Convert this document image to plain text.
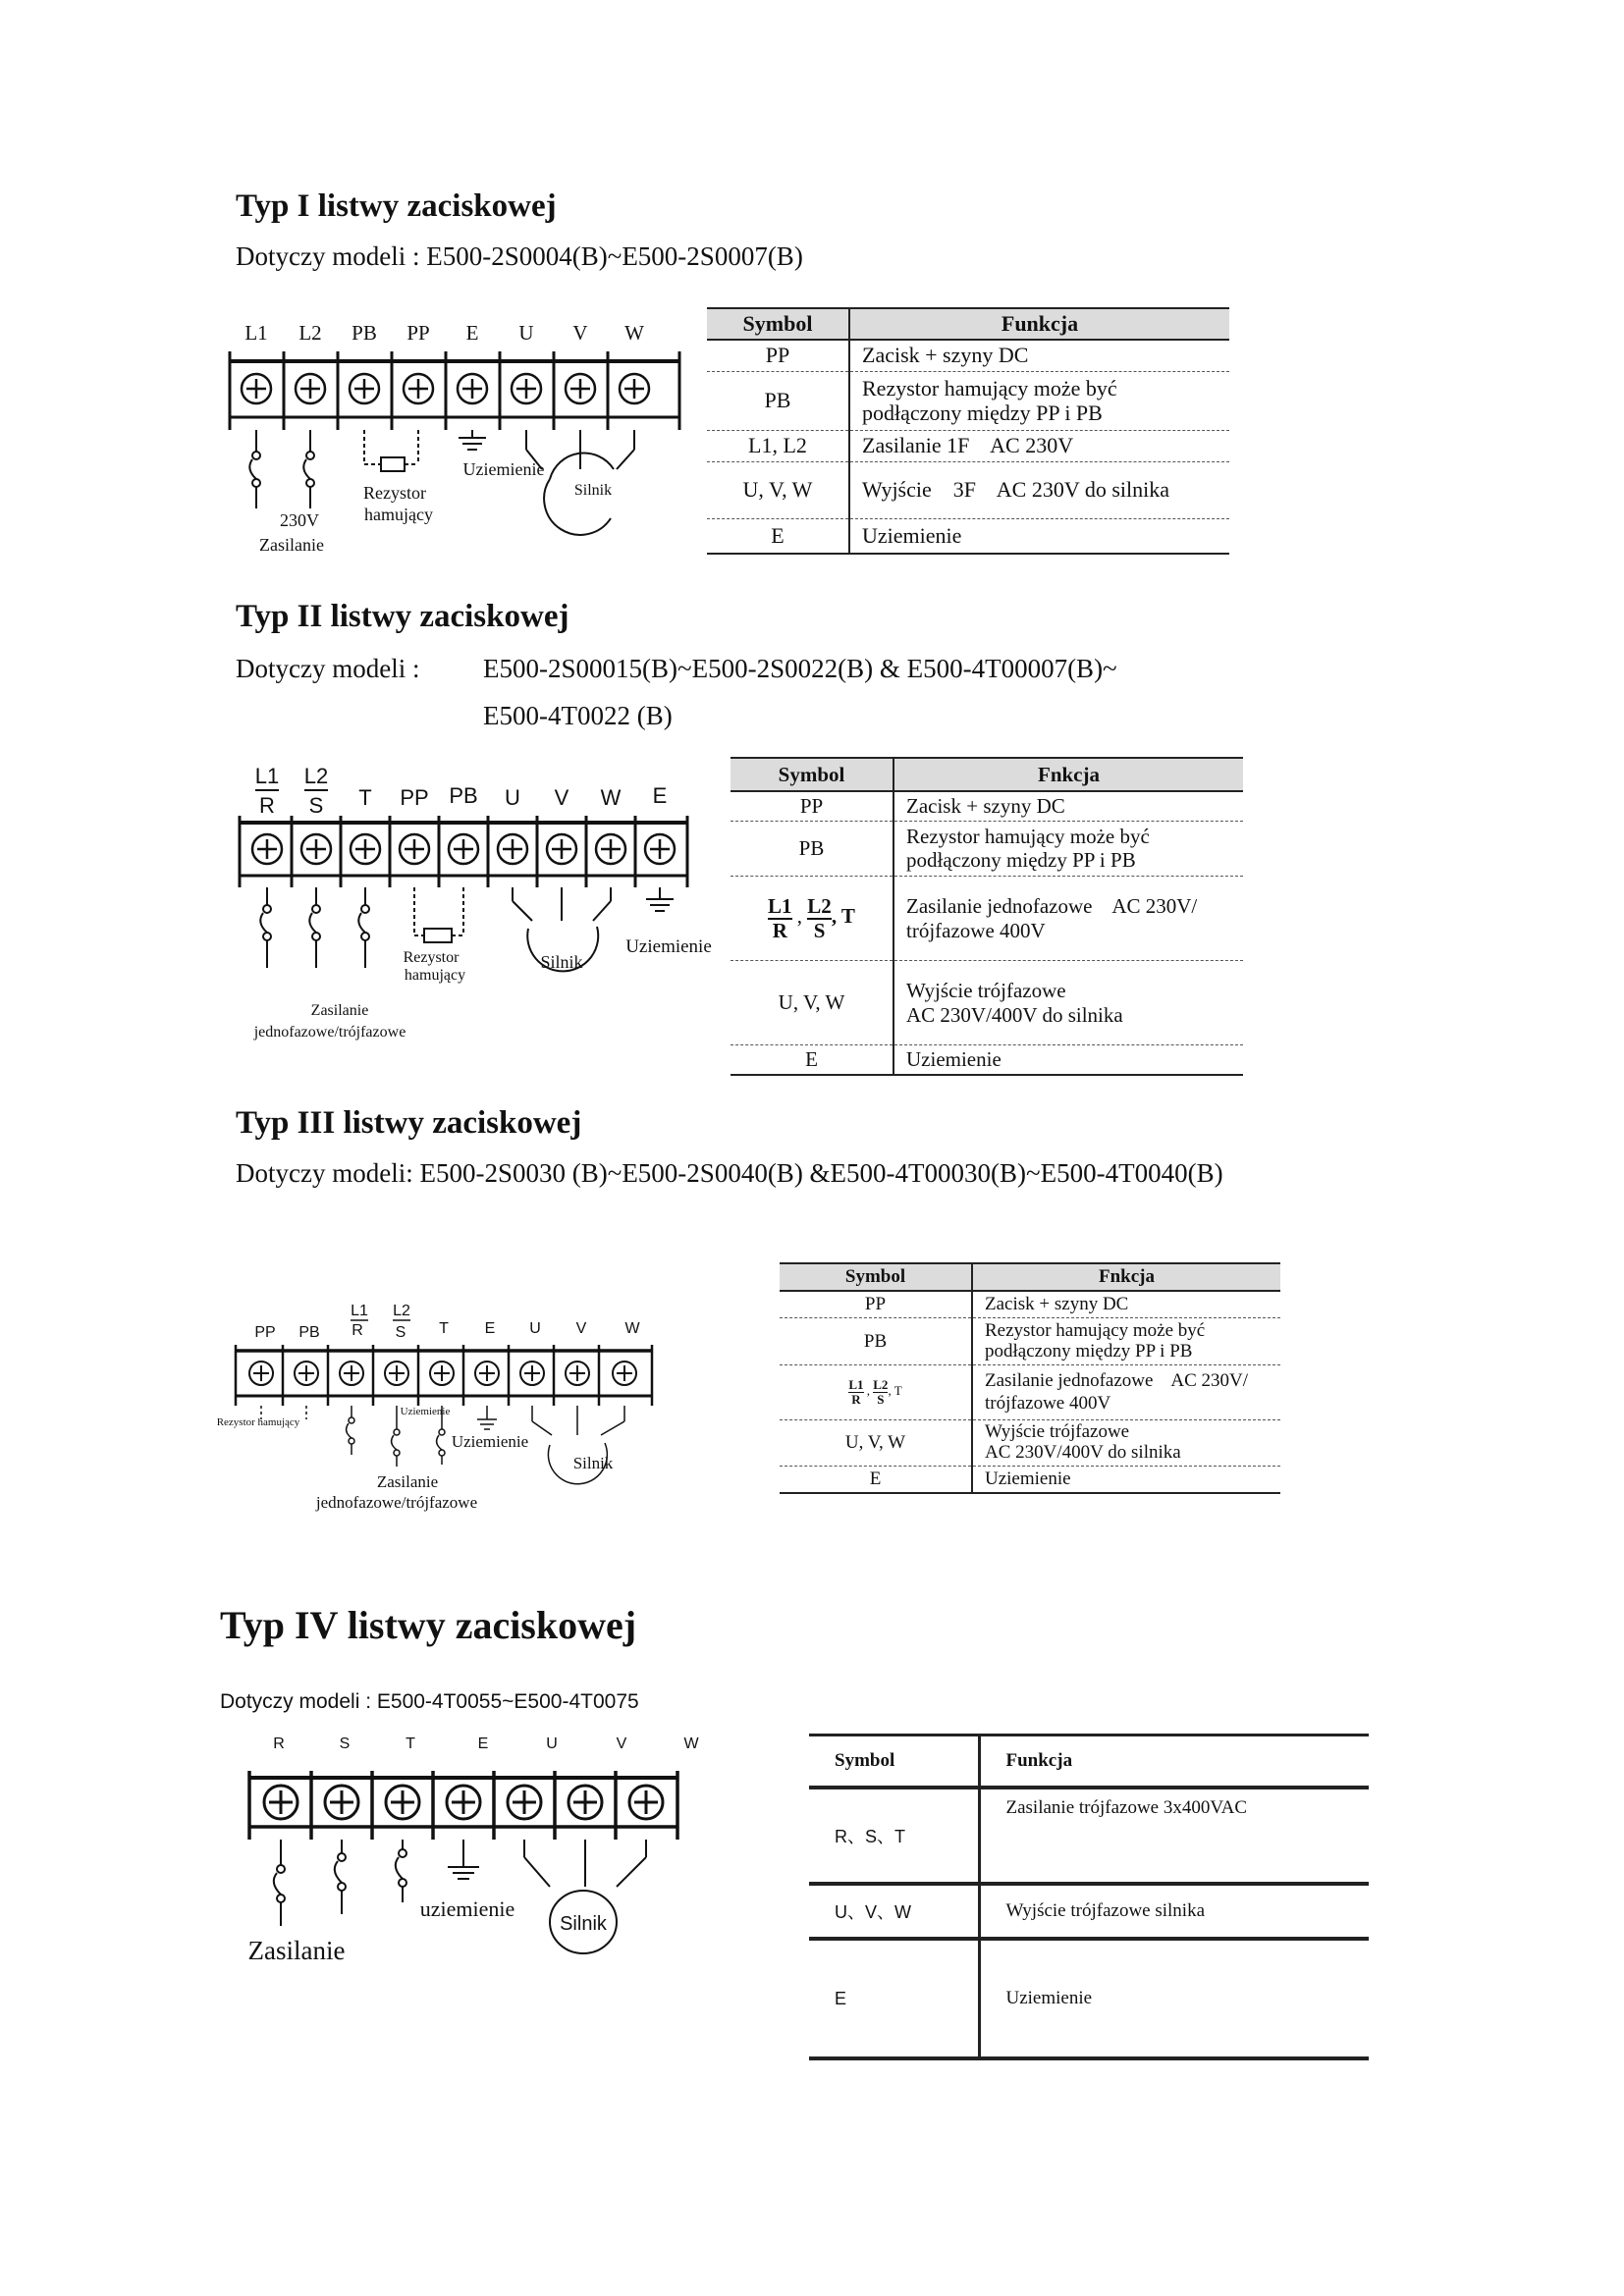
Typ I listwy zaciskowej
Dotyczy modeli : E500-2S0004(B)~E500-2S0007(B)
L1 L2 PB PP E U V W
Rezystor
hamujący
Uziemienie
Silnik
230V
Zasilanie
Symbol	Funkcja
PP	Zacisk + szyny DC
PB	Rezystor hamujący może być podłączony między PP i PB
L1, L2	Zasilanie 1F    AC 230V
U, V, W	Wyjście    3F    AC 230V do silnika
E	Uziemienie
Typ II listwy zaciskowej
Dotyczy modeli : E500-2S00015(B)~E500-2S0022(B) & E500-4T00007(B)~
E500-4T0022 (B)
L1 L2
R S T PP PB U V W E
Rezystor
hamujący
Silnik
Uziemienie
Zasilanie
jednofazowe/trójfazowe
Symbol	Fnkcja
PP	Zacisk + szyny DC
PB	Rezystor hamujący może być podłączony między PP i PB

$\frac{L1}{R}$ , $\frac{L2}{S}$, T	Zasilanie jednofazowe    AC 230V/ trójfazowe 400V
U, V, W	Wyjście trójfazowe
AC 230V/400V do silnika

E	Uziemienie
Typ III listwy zaciskowej
Dotyczy modeli: E500-2S0030 (B)~E500-2S0040(B) &E500-4T00030(B)~E500-4T0040(B)
L1 L2
PP PB R S T E U V W
Rezystor hamujący
Uziemienie
Uziemienie
Silnik
Zasilanie
jednofazowe/trójfazowe
Symbol	Fnkcja
PP	Zacisk + szyny DC
PB	Rezystor hamujący może być podłączony między PP i PB

$\frac{L1}{R}$ , $\frac{L2}{S}$, T	Zasilanie jednofazowe    AC 230V/ trójfazowe 400V
U, V, W	Wyjście trójfazowe
AC 230V/400V do silnika

E	Uziemienie
Typ IV listwy zaciskowej
Dotyczy modeli : E500-4T0055~E500-4T0075
R	S	T	E	U	V	W
uziemienie
Silnik
Zasilanie
Symbol	Funkcja
R、S、T	Zasilanie trójfazowe 3x400VAC
U、V、W	Wyjście trójfazowe silnika
E	Uziemienie
